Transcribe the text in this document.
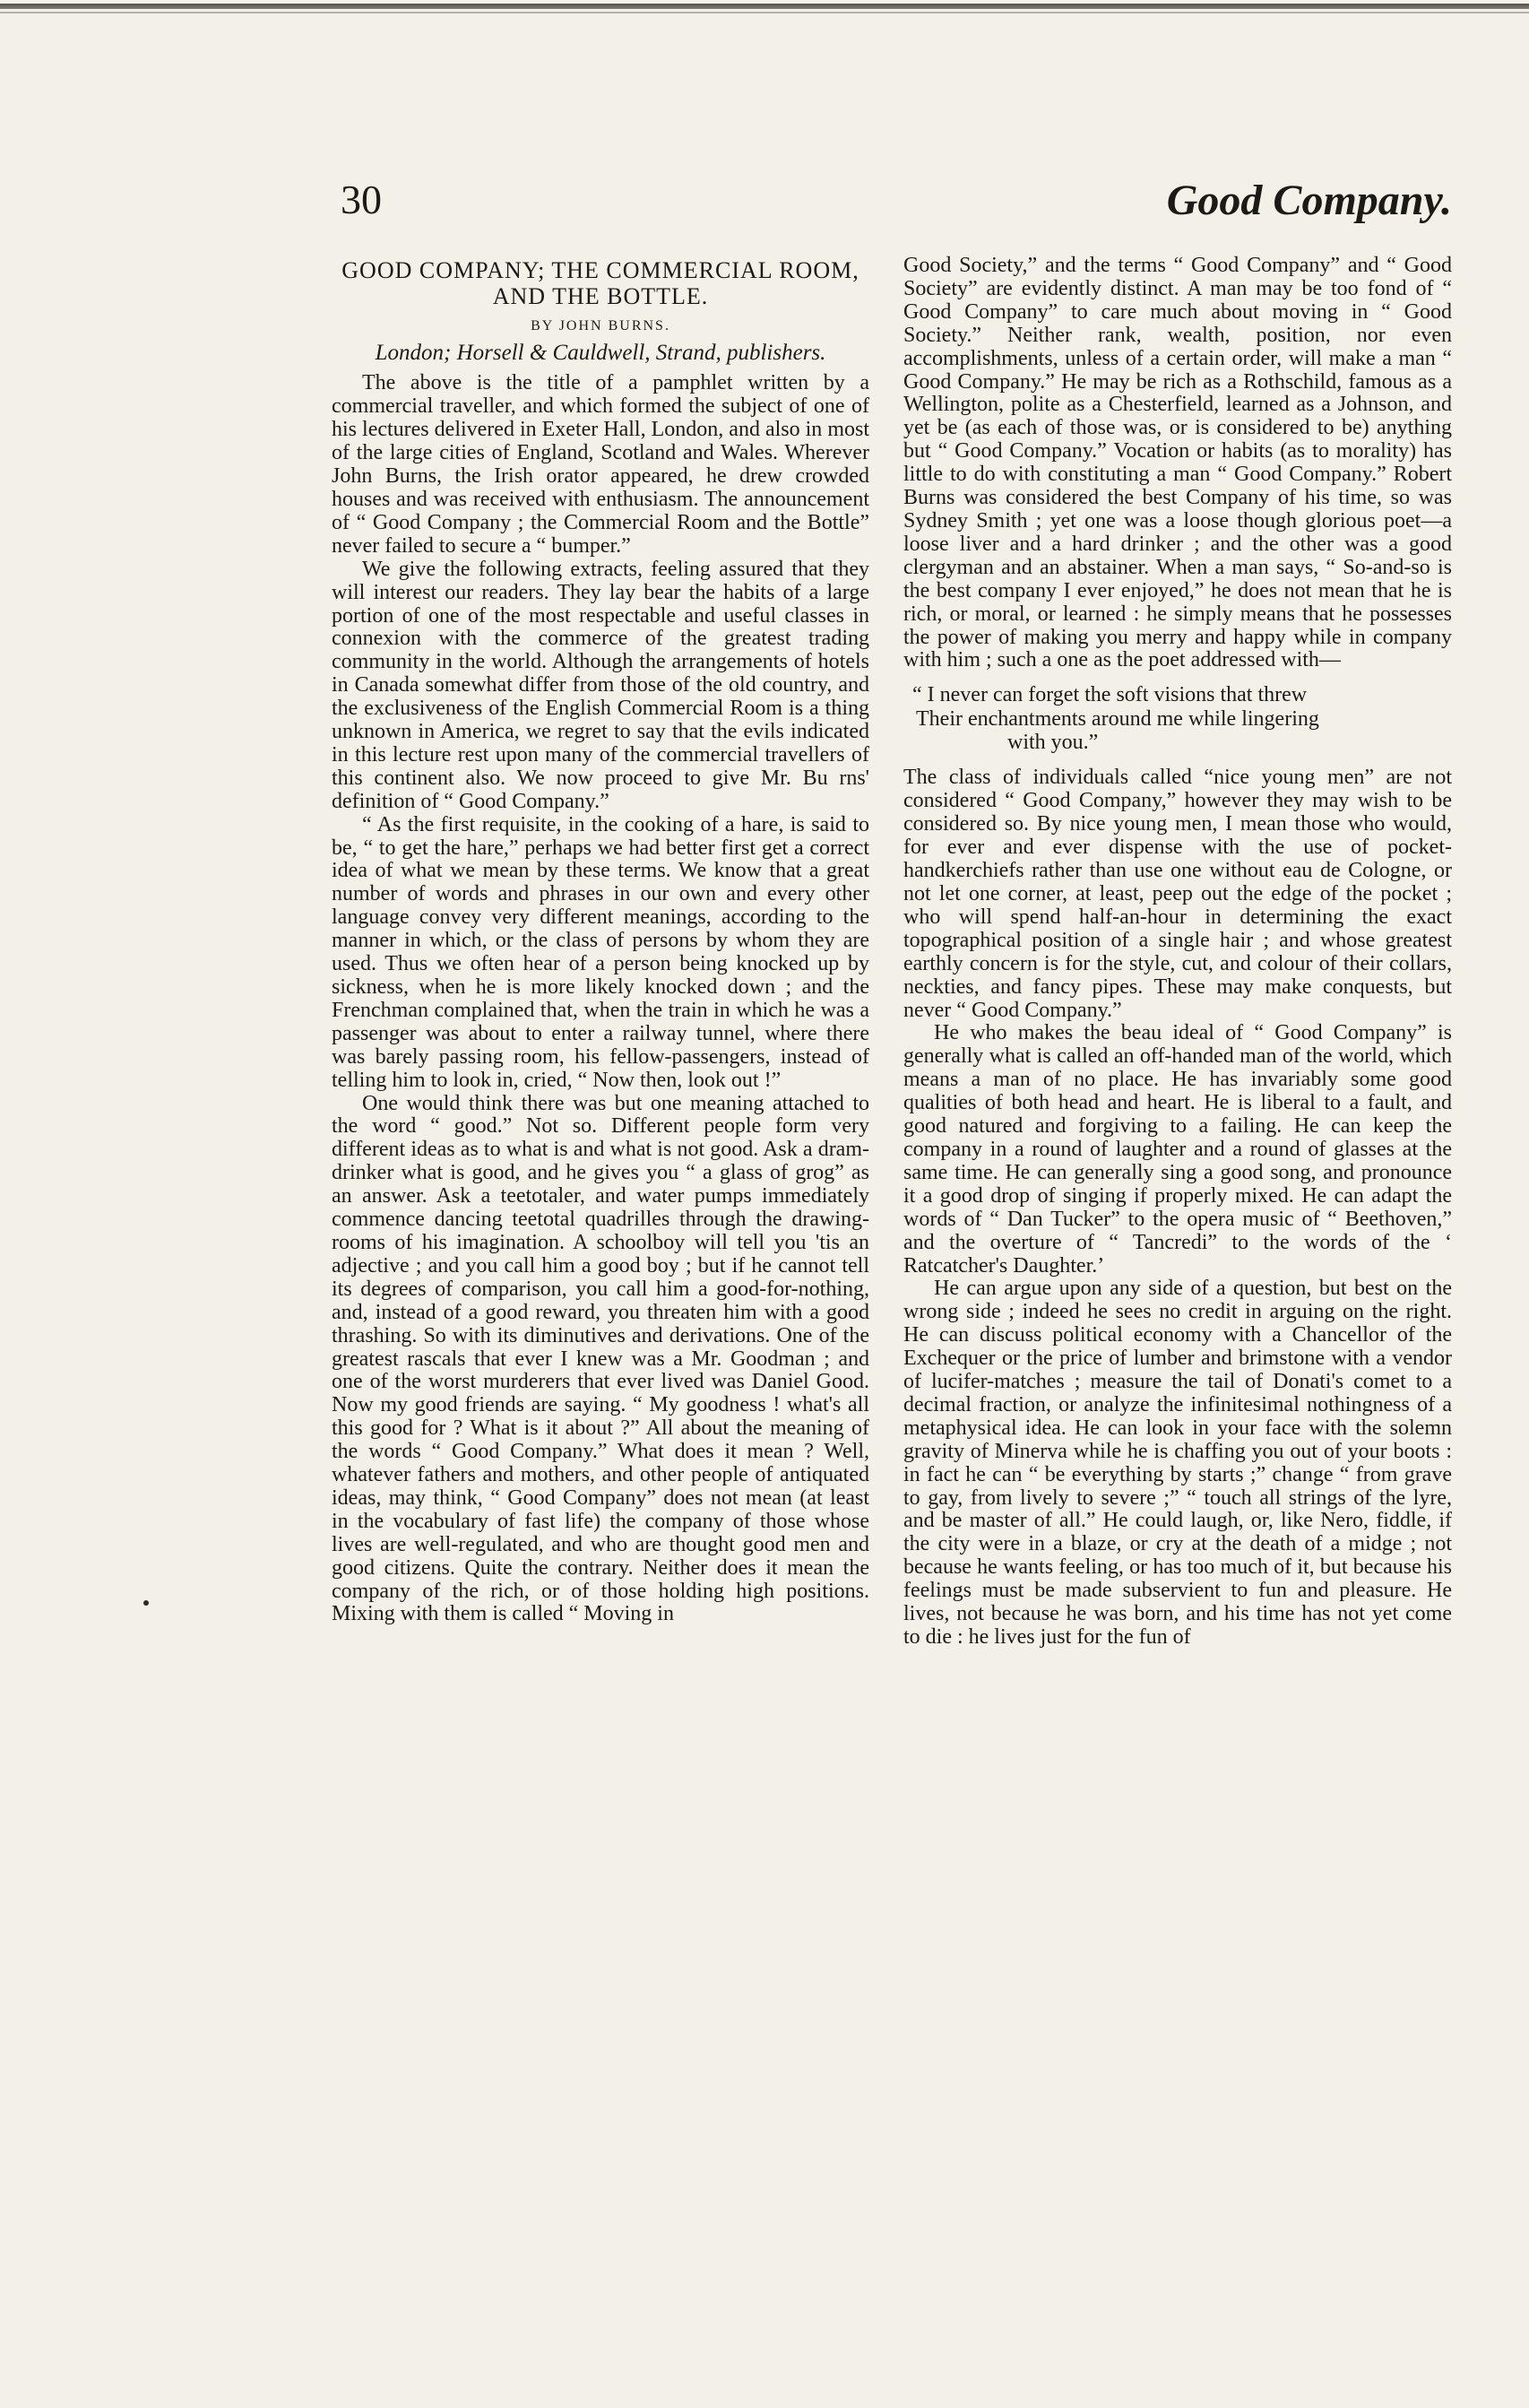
30	Good Company.
GOOD COMPANY; THE COMMERCIAL ROOM, AND THE BOTTLE.
BY JOHN BURNS.
London; Horsell & Cauldwell, Strand, publishers.

The above is the title of a pamphlet written by a commercial traveller, and which formed the subject of one of his lectures delivered in Exeter Hall, London, and also in most of the large cities of England, Scotland and Wales. Wherever John Burns, the Irish orator appeared, he drew crowded houses and was received with enthusiasm. The announcement of “ Good Company ; the Commercial Room and the Bottle” never failed to secure a “ bumper.”

We give the following extracts, feeling assured that they will interest our readers. They lay bear the habits of a large portion of one of the most respectable and useful classes in connexion with the commerce of the greatest trading community in the world. Although the arrangements of hotels in Canada somewhat differ from those of the old country, and the exclusiveness of the English Commercial Room is a thing unknown in America, we regret to say that the evils indicated in this lecture rest upon many of the commercial travellers of this continent also. We now proceed to give Mr. Bu rns' definition of “ Good Company.”

“ As the first requisite, in the cooking of a hare, is said to be, “ to get the hare,” perhaps we had better first get a correct idea of what we mean by these terms. We know that a great number of words and phrases in our own and every other language convey very different meanings, according to the manner in which, or the class of persons by whom they are used. Thus we often hear of a person being knocked up by sickness, when he is more likely knocked down ; and the Frenchman complained that, when the train in which he was a passenger was about to enter a railway tunnel, where there was barely passing room, his fellow-passengers, instead of telling him to look in, cried, “ Now then, look out !”

One would think there was but one meaning attached to the word “ good.” Not so. Different people form very different ideas as to what is and what is not good. Ask a dram-drinker what is good, and he gives you “ a glass of grog” as an answer. Ask a teetotaler, and water pumps immediately commence dancing teetotal quadrilles through the drawing-rooms of his imagination. A schoolboy will tell you 'tis an adjective ; and you call him a good boy ; but if he cannot tell its degrees of comparison, you call him a good-for-nothing, and, instead of a good reward, you threaten him with a good thrashing. So with its diminutives and derivations. One of the greatest rascals that ever I knew was a Mr. Goodman ; and one of the worst murderers that ever lived was Daniel Good. Now my good friends are saying. “ My goodness ! what's all this good for ? What is it about ?” All about the meaning of the words “ Good Company.” What does it mean ? Well, whatever fathers and mothers, and other people of antiquated ideas, may think, “ Good Company” does not mean (at least in the vocabulary of fast life) the company of those whose lives are well-regulated, and who are thought good men and good citizens. Quite the contrary. Neither does it mean the company of the rich, or of those holding high positions. Mixing with them is called “ Moving in

Good Society,” and the terms “ Good Company” and “ Good Society” are evidently distinct. A man may be too fond of “ Good Company” to care much about moving in “ Good Society.” Neither rank, wealth, position, nor even accomplishments, unless of a certain order, will make a man “ Good Company.” He may be rich as a Rothschild, famous as a Wellington, polite as a Chesterfield, learned as a Johnson, and yet be (as each of those was, or is considered to be) anything but “ Good Company.” Vocation or habits (as to morality) has little to do with constituting a man “ Good Company.” Robert Burns was considered the best Company of his time, so was Sydney Smith ; yet one was a loose though glorious poet—a loose liver and a hard drinker ; and the other was a good clergyman and an abstainer. When a man says, “ So-and-so is the best company I ever enjoyed,” he does not mean that he is rich, or moral, or learned : he simply means that he possesses the power of making you merry and happy while in company with him ; such a one as the poet addressed with—

“ I never can forget the soft visions that threw
Their enchantments around me while lingering
with you.”

The class of individuals called “nice young men” are not considered “ Good Company,” however they may wish to be considered so. By nice young men, I mean those who would, for ever and ever dispense with the use of pocket-handkerchiefs rather than use one without eau de Cologne, or not let one corner, at least, peep out the edge of the pocket ; who will spend half-an-hour in determining the exact topographical position of a single hair ; and whose greatest earthly concern is for the style, cut, and colour of their collars, neckties, and fancy pipes. These may make conquests, but never “ Good Company.”

He who makes the beau ideal of “ Good Company” is generally what is called an off-handed man of the world, which means a man of no place. He has invariably some good qualities of both head and heart. He is liberal to a fault, and good natured and forgiving to a failing. He can keep the company in a round of laughter and a round of glasses at the same time. He can generally sing a good song, and pronounce it a good drop of singing if properly mixed. He can adapt the words of “ Dan Tucker” to the opera music of “ Beethoven,” and the overture of “ Tancredi” to the words of the ‘ Ratcatcher's Daughter.’

He can argue upon any side of a question, but best on the wrong side ; indeed he sees no credit in arguing on the right. He can discuss political economy with a Chancellor of the Exchequer or the price of lumber and brimstone with a vendor of lucifer-matches ; measure the tail of Donati's comet to a decimal fraction, or analyze the infinitesimal nothingness of a metaphysical idea. He can look in your face with the solemn gravity of Minerva while he is chaffing you out of your boots : in fact he can “ be everything by starts ;” change “ from grave to gay, from lively to severe ;” “ touch all strings of the lyre, and be master of all.” He could laugh, or, like Nero, fiddle, if the city were in a blaze, or cry at the death of a midge ; not because he wants feeling, or has too much of it, but because his feelings must be made subservient to fun and pleasure. He lives, not because he was born, and his time has not yet come to die : he lives just for the fun of
